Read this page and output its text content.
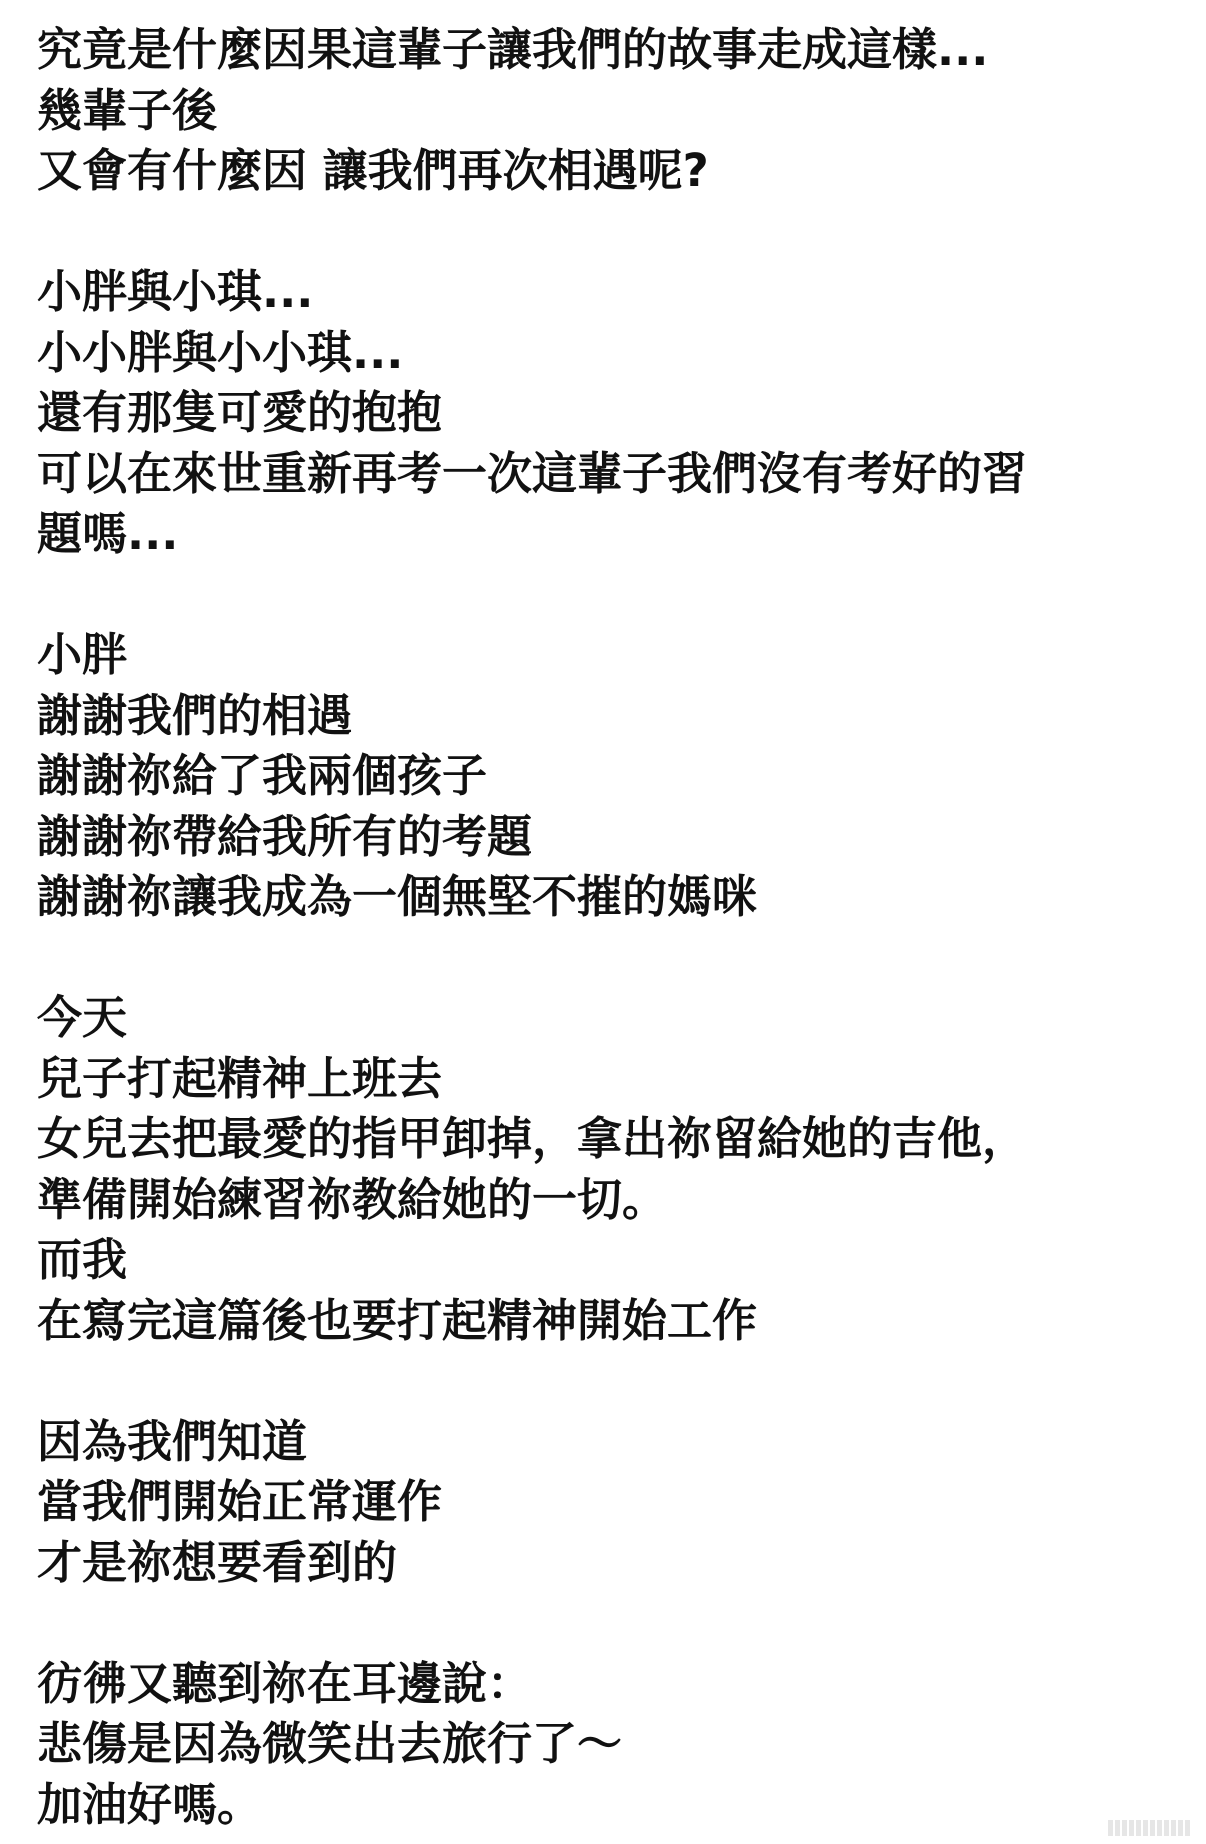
究竟是什麼因果這輩子讓我們的故事走成這樣...
幾輩子後
又會有什麼因 讓我們再次相遇呢?
小胖與小琪...
小小胖與小小琪...
還有那隻可愛的抱抱
可以在來世重新再考一次這輩子我們沒有考好的習
題嗎...
小胖
謝謝我們的相遇
謝謝祢給了我兩個孩子
謝謝祢帶給我所有的考題
謝謝祢讓我成為一個無堅不摧的媽咪
今天
兒子打起精神上班去
女兒去把最愛的指甲卸掉，拿出祢留給她的吉他，
準備開始練習祢教給她的一切。
而我
在寫完這篇後也要打起精神開始工作
因為我們知道
當我們開始正常運作
才是祢想要看到的
彷彿又聽到祢在耳邊說：
悲傷是因為微笑出去旅行了～
加油好嗎。
